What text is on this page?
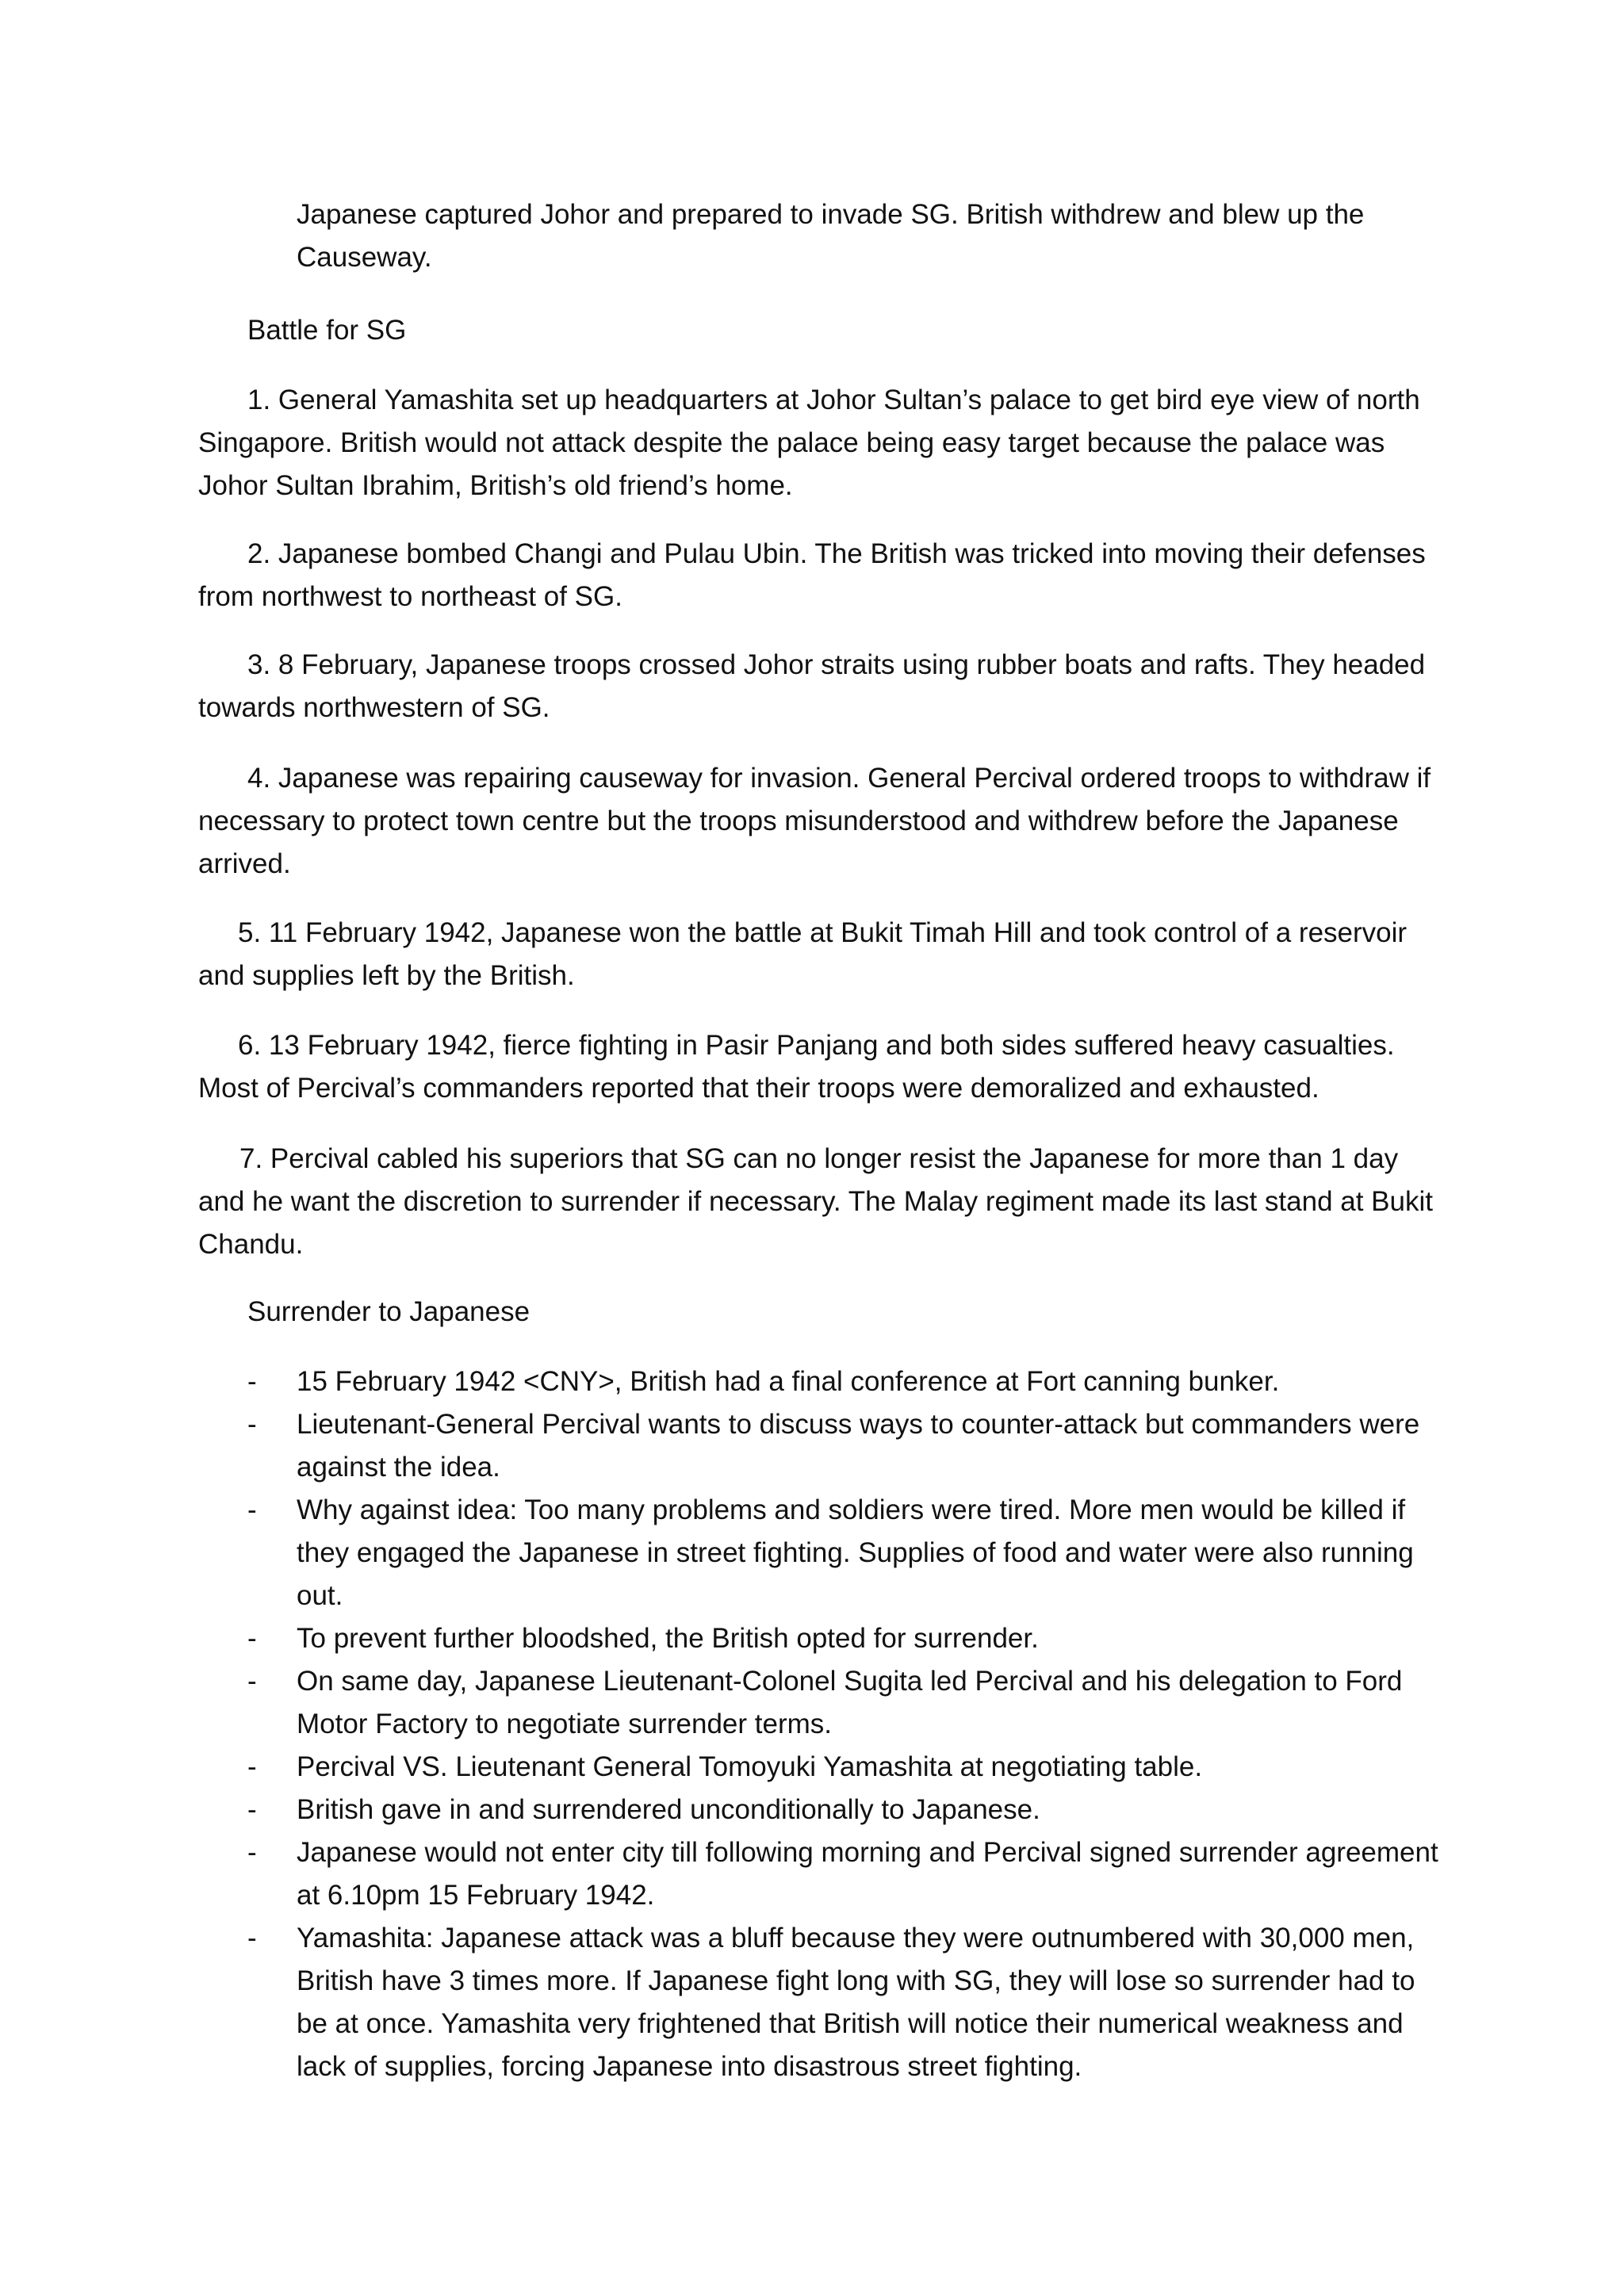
Japanese captured Johor and prepared to invade SG. British withdrew and blew up the Causeway.

Battle for SG

1. General Yamashita set up headquarters at Johor Sultan’s palace to get bird eye view of north Singapore. British would not attack despite the palace being easy target because the palace was Johor Sultan Ibrahim, British’s old friend’s home.

2. Japanese bombed Changi and Pulau Ubin. The British was tricked into moving their defenses from northwest to northeast of SG.

3. 8 February, Japanese troops crossed Johor straits using rubber boats and rafts. They headed towards northwestern of SG.

4. Japanese was repairing causeway for invasion. General Percival ordered troops to withdraw if necessary to protect town centre but the troops misunderstood and withdrew before the Japanese arrived.

5. 11 February 1942, Japanese won the battle at Bukit Timah Hill and took control of a reservoir and supplies left by the British.

6. 13 February 1942, fierce fighting in Pasir Panjang and both sides suffered heavy casualties. Most of Percival’s commanders reported that their troops were demoralized and exhausted.

7. Percival cabled his superiors that SG can no longer resist the Japanese for more than 1 day and he want the discretion to surrender if necessary. The Malay regiment made its last stand at Bukit Chandu.

Surrender to Japanese

- 15 February 1942 <CNY>, British had a final conference at Fort canning bunker.
- Lieutenant-General Percival wants to discuss ways to counter-attack but commanders were against the idea.
- Why against idea: Too many problems and soldiers were tired. More men would be killed if they engaged the Japanese in street fighting. Supplies of food and water were also running out.
- To prevent further bloodshed, the British opted for surrender.
- On same day, Japanese Lieutenant-Colonel Sugita led Percival and his delegation to Ford Motor Factory to negotiate surrender terms.
- Percival VS. Lieutenant General Tomoyuki Yamashita at negotiating table.
- British gave in and surrendered unconditionally to Japanese.
- Japanese would not enter city till following morning and Percival signed surrender agreement at 6.10pm 15 February 1942.
- Yamashita: Japanese attack was a bluff because they were outnumbered with 30,000 men, British have 3 times more. If Japanese fight long with SG, they will lose so surrender had to be at once. Yamashita very frightened that British will notice their numerical weakness and lack of supplies, forcing Japanese into disastrous street fighting.
